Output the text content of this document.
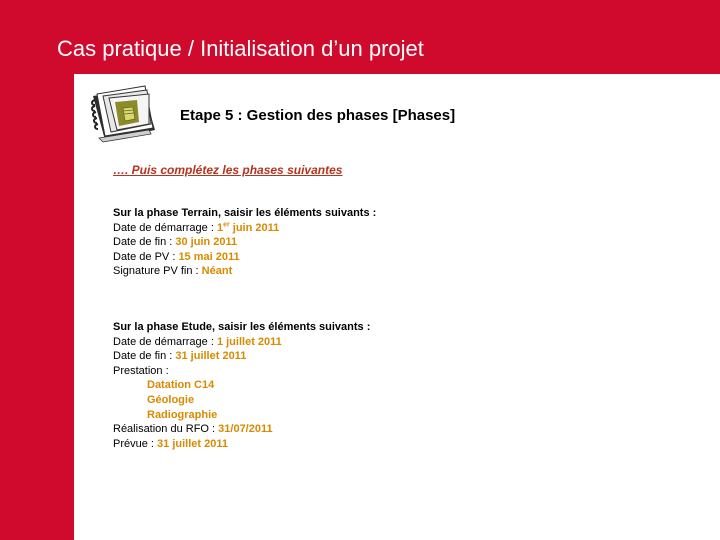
Cas pratique / Initialisation d’un projet
Etape 5 : Gestion des phases [Phases]
…. Puis complétez les phases suivantes
Sur la phase Terrain, saisir les éléments suivants :
Date de démarrage : 1er juin 2011
Date de fin : 30 juin 2011
Date de PV : 15 mai 2011
Signature PV fin : Néant
Sur la phase Etude, saisir les éléments suivants :
Date de démarrage : 1 juillet 2011
Date de fin : 31 juillet 2011
Prestation :
Datation C14
Géologie
Radiographie
Réalisation du RFO : 31/07/2011
Prévue : 31 juillet 2011
